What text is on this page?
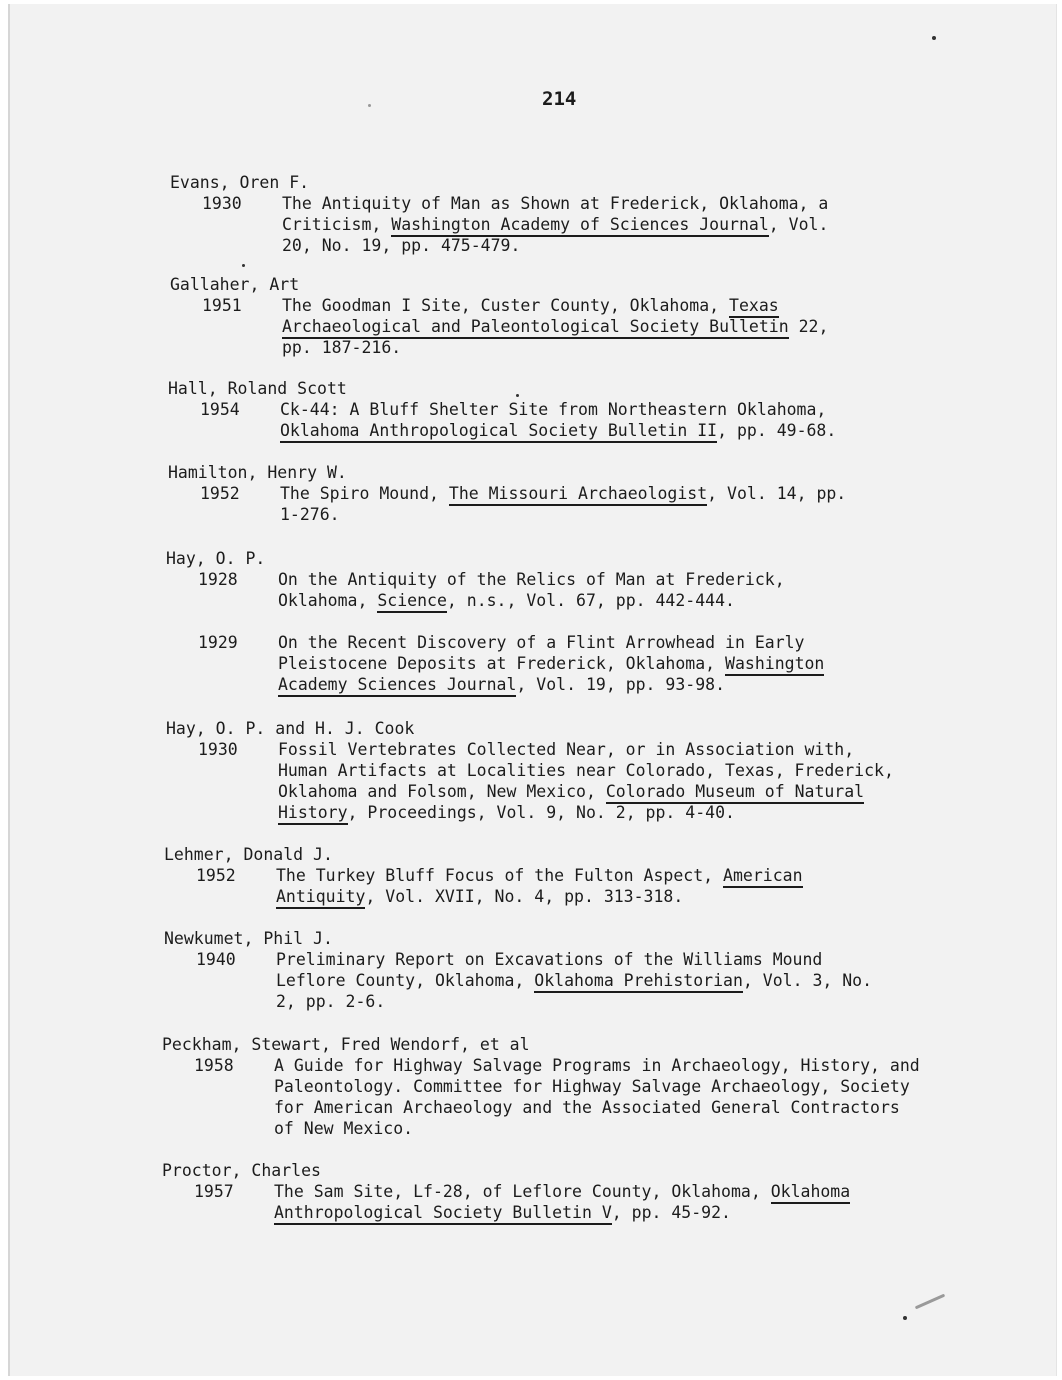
214
Evans, Oren F.
1930	The Antiquity of Man as Shown at Frederick, Oklahoma, a Criticism, Washington Academy of Sciences Journal, Vol. 20, No. 19, pp. 475-479.
Gallaher, Art
1951	The Goodman I Site, Custer County, Oklahoma, Texas Archaeological and Paleontological Society Bulletin 22, pp. 187-216.
Hall, Roland Scott
1954	Ck-44: A Bluff Shelter Site from Northeastern Oklahoma, Oklahoma Anthropological Society Bulletin II, pp. 49-68.
Hamilton, Henry W.
1952	The Spiro Mound, The Missouri Archaeologist, Vol. 14, pp. 1-276.
Hay, O. P.
1928	On the Antiquity of the Relics of Man at Frederick, Oklahoma, Science, n.s., Vol. 67, pp. 442-444.
1929	On the Recent Discovery of a Flint Arrowhead in Early Pleistocene Deposits at Frederick, Oklahoma, Washington Academy Sciences Journal, Vol. 19, pp. 93-98.
Hay, O. P. and H. J. Cook
1930	Fossil Vertebrates Collected Near, or in Association with, Human Artifacts at Localities near Colorado, Texas, Frederick, Oklahoma and Folsom, New Mexico, Colorado Museum of Natural History, Proceedings, Vol. 9, No. 2, pp. 4-40.
Lehmer, Donald J.
1952	The Turkey Bluff Focus of the Fulton Aspect, American Antiquity, Vol. XVII, No. 4, pp. 313-318.
Newkumet, Phil J.
1940	Preliminary Report on Excavations of the Williams Mound Leflore County, Oklahoma, Oklahoma Prehistorian, Vol. 3, No. 2, pp. 2-6.
Peckham, Stewart, Fred Wendorf, et al
1958	A Guide for Highway Salvage Programs in Archaeology, History, and Paleontology. Committee for Highway Salvage Archaeology, Society for American Archaeology and the Associated General Contractors of New Mexico.
Proctor, Charles
1957	The Sam Site, Lf-28, of Leflore County, Oklahoma, Oklahoma Anthropological Society Bulletin V, pp. 45-92.
